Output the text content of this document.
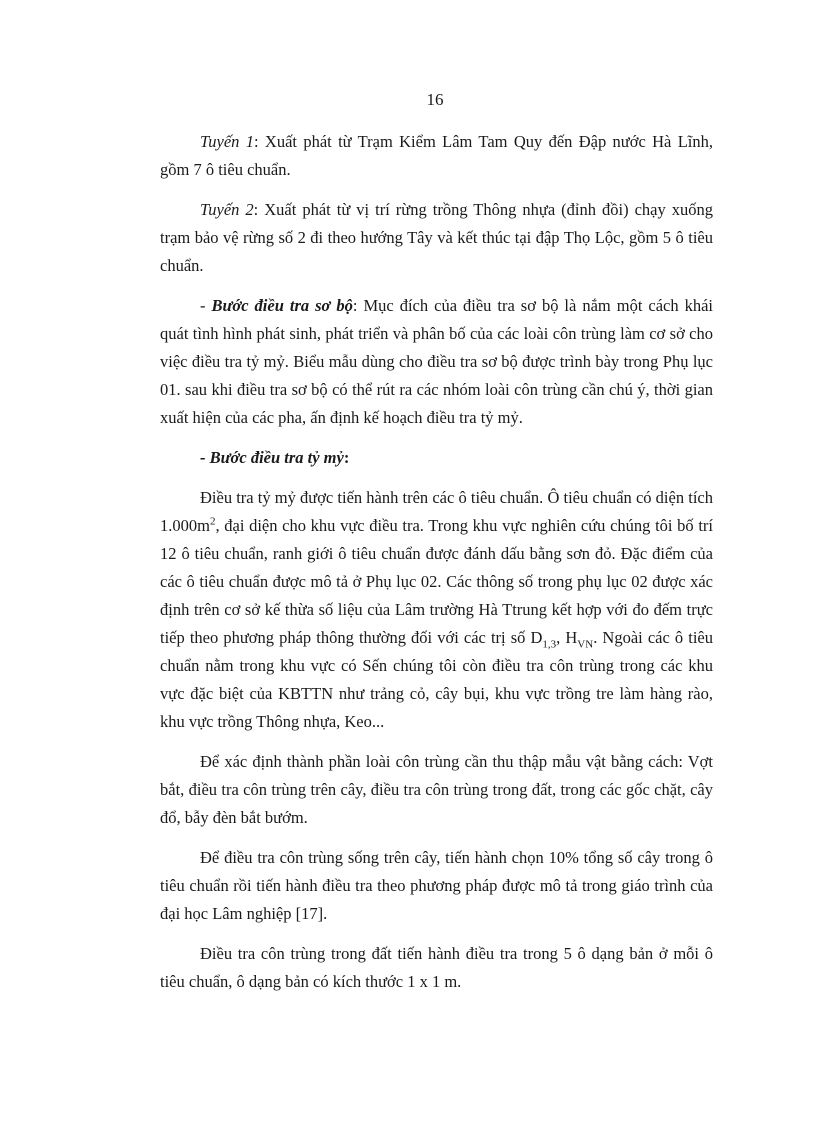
16

Tuyến 1: Xuất phát từ Trạm Kiểm Lâm Tam Quy đến Đập nước Hà Lĩnh, gồm 7 ô tiêu chuẩn.

Tuyến 2: Xuất phát từ vị trí rừng trồng Thông nhựa (đỉnh đồi) chạy xuống trạm bảo vệ rừng số 2 đi theo hướng Tây và kết thúc tại đập Thọ Lộc, gồm 5 ô tiêu chuẩn.

- Bước điều tra sơ bộ: Mục đích của điều tra sơ bộ là nắm một cách khái quát tình hình phát sinh, phát triển và phân bố của các loài côn trùng làm cơ sở cho việc điều tra tỷ mỷ. Biểu mẫu dùng cho điều tra sơ bộ được trình bày trong Phụ lục 01. sau khi điều tra sơ bộ có thể rút ra các nhóm loài côn trùng cần chú ý, thời gian xuất hiện của các pha, ấn định kế hoạch điều tra tỷ mỷ.

- Bước điều tra tỷ mỷ:

Điều tra tỷ mỷ được tiến hành trên các ô tiêu chuẩn. Ô tiêu chuẩn có diện tích $1.000m^2$, đại diện cho khu vực điều tra. Trong khu vực nghiên cứu chúng tôi bố trí 12 ô tiêu chuẩn, ranh giới ô tiêu chuẩn được đánh dấu bằng sơn đỏ. Đặc điểm của các ô tiêu chuẩn được mô tả ở Phụ lục 02. Các thông số trong phụ lục 02 được xác định trên cơ sở kế thừa số liệu của Lâm trường Hà Ttrung kết hợp với đo đếm trực tiếp theo phương pháp thông thường đối với các trị số $D_{1,3}$, $H_{VN}$. Ngoài các ô tiêu chuẩn nằm trong khu vực có Sến chúng tôi còn điều tra côn trùng trong các khu vực đặc biệt của KBTTN như trảng cỏ, cây bụi, khu vực trồng tre làm hàng rào, khu vực trồng Thông nhựa, Keo...

Để xác định thành phần loài côn trùng cần thu thập mẫu vật bằng cách: Vợt bắt, điều tra côn trùng trên cây, điều tra côn trùng trong đất, trong các gốc chặt, cây đổ, bẫy đèn bắt bướm.

Để điều tra côn trùng sống trên cây, tiến hành chọn 10% tổng số cây trong ô tiêu chuẩn rồi tiến hành điều tra theo phương pháp được mô tả trong giáo trình của đại học Lâm nghiệp [17].

Điều tra côn trùng trong đất tiến hành điều tra trong 5 ô dạng bản ở mỗi ô tiêu chuẩn, ô dạng bản có kích thước 1 x 1 m.
